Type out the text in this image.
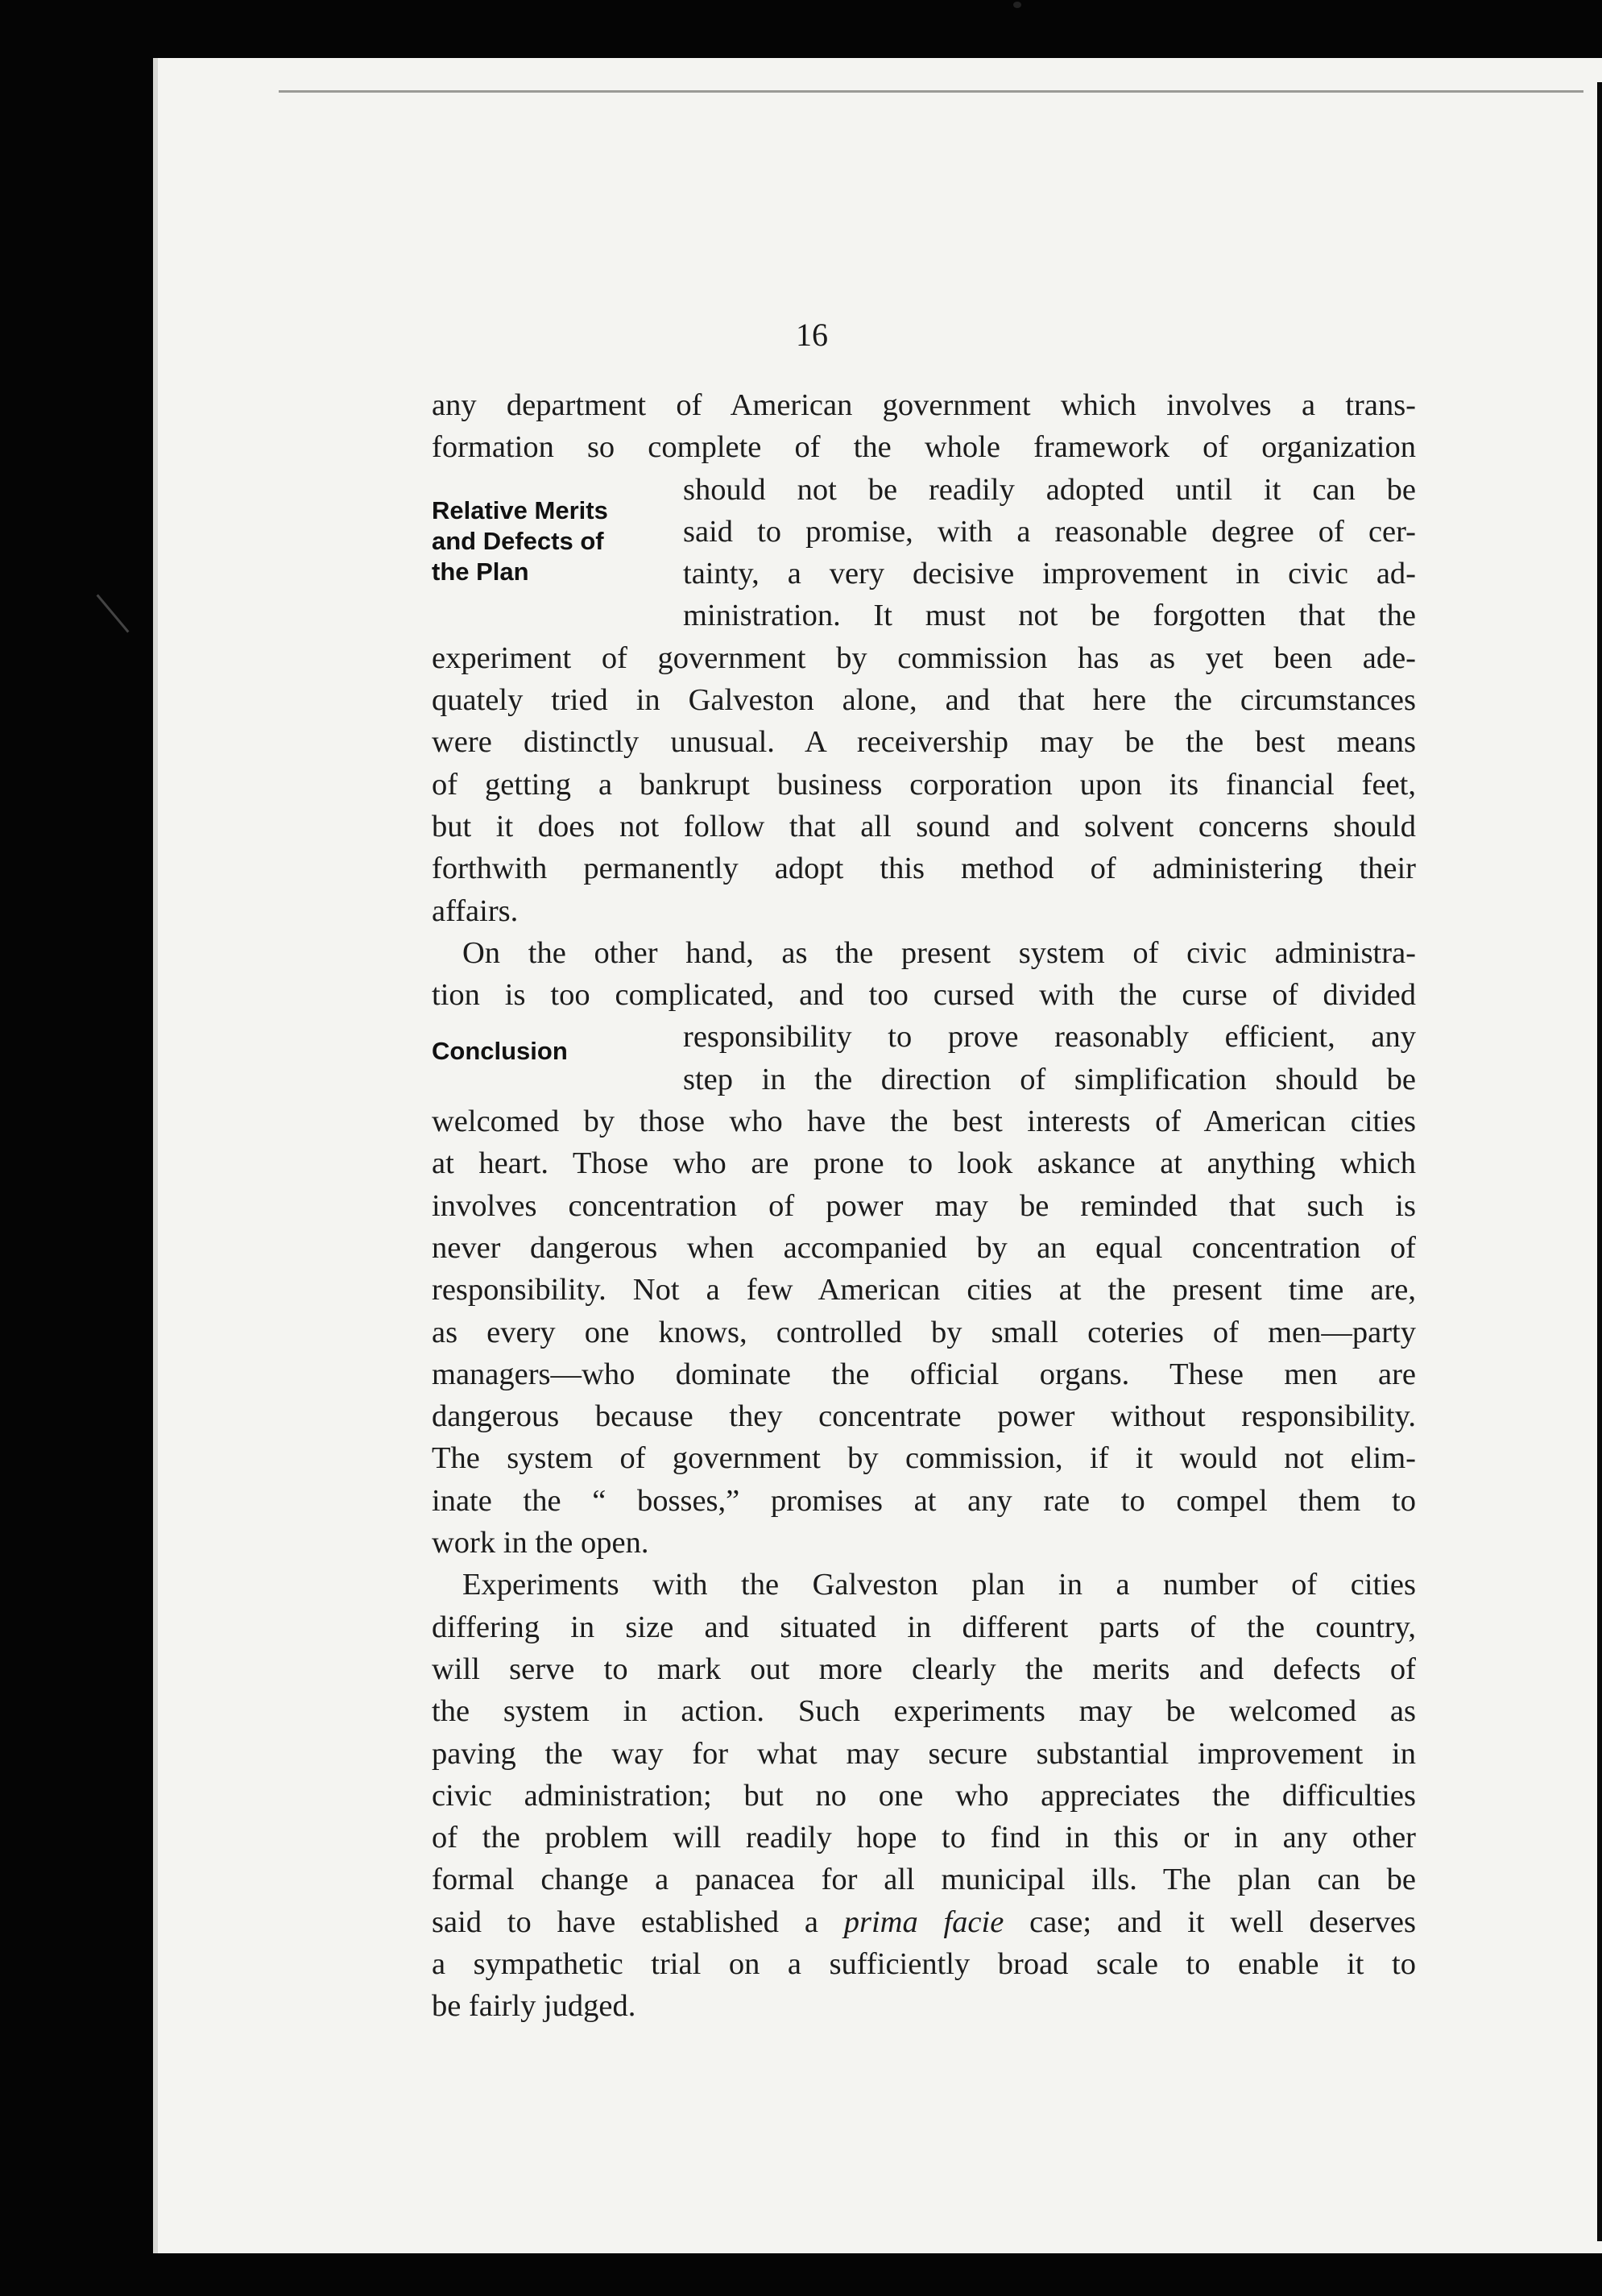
16
Relative Merits
and Defects of
the Plan
Conclusion
any department of American government which involves a trans-
formation so complete of the whole framework of organization
should not be readily adopted until it can be
said to promise, with a reasonable degree of cer-
tainty, a very decisive improvement in civic ad-
ministration. It must not be forgotten that the
experiment of government by commission has as yet been ade-
quately tried in Galveston alone, and that here the circumstances
were distinctly unusual. A receivership may be the best means
of getting a bankrupt business corporation upon its financial feet,
but it does not follow that all sound and solvent concerns should
forthwith permanently adopt this method of administering their
affairs.
On the other hand, as the present system of civic administra-
tion is too complicated, and too cursed with the curse of divided
responsibility to prove reasonably efficient, any
step in the direction of simplification should be
welcomed by those who have the best interests of American cities
at heart. Those who are prone to look askance at anything which
involves concentration of power may be reminded that such is
never dangerous when accompanied by an equal concentration of
responsibility. Not a few American cities at the present time are,
as every one knows, controlled by small coteries of men—party
managers—who dominate the official organs. These men are
dangerous because they concentrate power without responsibility.
The system of government by commission, if it would not elim-
inate the “ bosses,” promises at any rate to compel them to
work in the open.
Experiments with the Galveston plan in a number of cities
differing in size and situated in different parts of the country,
will serve to mark out more clearly the merits and defects of
the system in action. Such experiments may be welcomed as
paving the way for what may secure substantial improvement in
civic administration; but no one who appreciates the difficulties
of the problem will readily hope to find in this or in any other
formal change a panacea for all municipal ills. The plan can be
said to have established a prima facie case; and it well deserves
a sympathetic trial on a sufficiently broad scale to enable it to
be fairly judged.
